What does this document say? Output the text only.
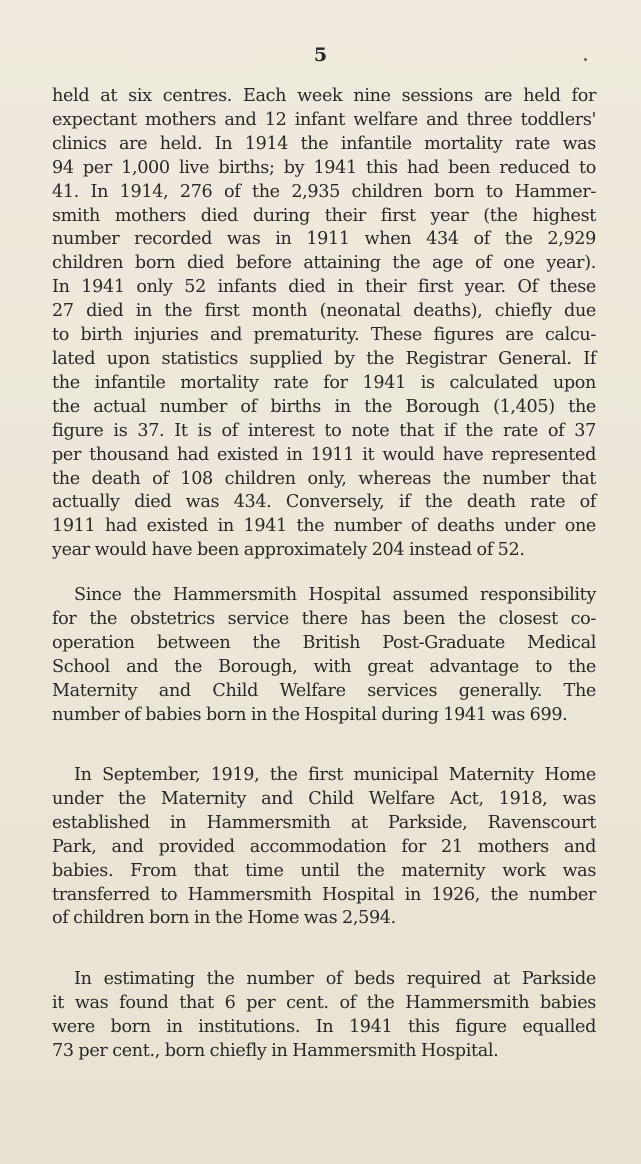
5

held at six centres. Each week nine sessions are held for
expectant mothers and 12 infant welfare and three toddlers'
clinics are held. In 1914 the infantile mortality rate was
94 per 1,000 live births; by 1941 this had been reduced to
41. In 1914, 276 of the 2,935 children born to Hammer-
smith mothers died during their first year (the highest
number recorded was in 1911 when 434 of the 2,929
children born died before attaining the age of one year).
In 1941 only 52 infants died in their first year. Of these
27 died in the first month (neonatal deaths), chiefly due
to birth injuries and prematurity. These figures are calcu-
lated upon statistics supplied by the Registrar General. If
the infantile mortality rate for 1941 is calculated upon
the actual number of births in the Borough (1,405) the
figure is 37. It is of interest to note that if the rate of 37
per thousand had existed in 1911 it would have represented
the death of 108 children only, whereas the number that
actually died was 434. Conversely, if the death rate of
1911 had existed in 1941 the number of deaths under one
year would have been approximately 204 instead of 52.

Since the Hammersmith Hospital assumed responsibility
for the obstetrics service there has been the closest co-
operation between the British Post-Graduate Medical
School and the Borough, with great advantage to the
Maternity and Child Welfare services generally. The
number of babies born in the Hospital during 1941 was 699.

In September, 1919, the first municipal Maternity Home
under the Maternity and Child Welfare Act, 1918, was
established in Hammersmith at Parkside, Ravenscourt
Park, and provided accommodation for 21 mothers and
babies. From that time until the maternity work was
transferred to Hammersmith Hospital in 1926, the number
of children born in the Home was 2,594.

In estimating the number of beds required at Parkside
it was found that 6 per cent. of the Hammersmith babies
were born in institutions. In 1941 this figure equalled
73 per cent., born chiefly in Hammersmith Hospital.
